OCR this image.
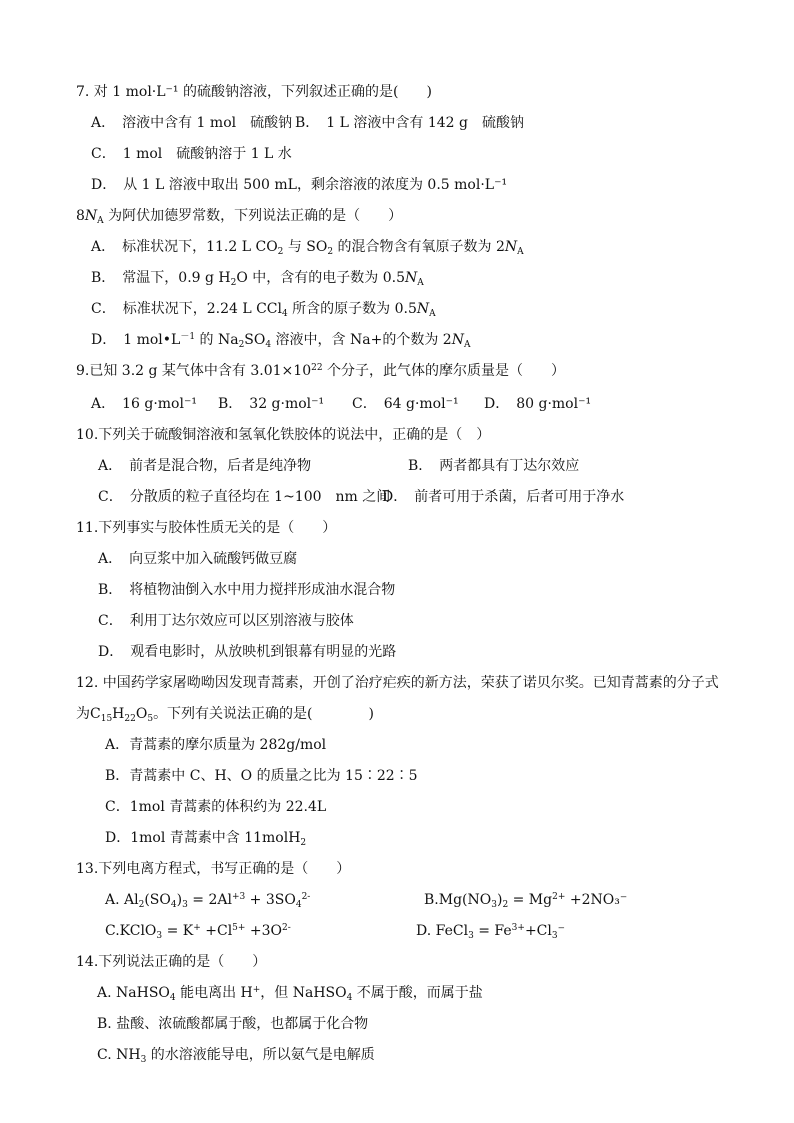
7. 对 1 mol·L⁻¹ 的硫酸钠溶液，下列叙述正确的是(　　)
A．　溶液中含有 1 mol　硫酸钠 B．　1 L 溶液中含有 142 g　硫酸钠
C．　1 mol　硫酸钠溶于 1 L 水
D．　从 1 L 溶液中取出 500 mL，剩余溶液的浓度为 0.5 mol·L⁻¹
$8N_A$ 为阿伏加德罗常数，下列说法正确的是（　　）
A．　标准状况下，11.2 L $CO_2$ 与 $SO_2$ 的混合物含有氧原子数为 $2N_A$
B．　常温下，0.9 g $H_2O$ 中，含有的电子数为 $0.5N_A$
C．　标准状况下，2.24 L CCl$_4$ 所含的原子数为 $0.5N_A$
D．　1 $mol•L^{-1}$ 的 $Na_2SO_4$ 溶液中，含 Na+的个数为 $2N_A$
9.已知 3.2 g 某气体中含有 $3.01\times 10^{22}$ 个分子，此气体的摩尔质量是（　　）
A．　16 g·mol⁻¹ B．　32 g·mol⁻¹ C．　64 g·mol⁻¹ D．　80 g·mol⁻¹
10.下列关于硫酸铜溶液和氢氧化铁胶体的说法中，正确的是（　）
A．　前者是混合物，后者是纯净物	B．　两者都具有丁达尔效应
C．　分散质的粒子直径均在 1~100　nm 之间
D．　前者可用于杀菌，后者可用于净水
11.下列事实与胶体性质无关的是（　　）
A．　向豆浆中加入硫酸钙做豆腐
B．　将植物油倒入水中用力搅拌形成油水混合物
C．　利用丁达尔效应可以区别溶液与胶体
D．　观看电影时，从放映机到银幕有明显的光路
12. 中国药学家屠呦呦因发现青蒿素，开创了治疗疟疾的新方法，荣获了诺贝尔奖。已知青蒿素的分子式
为$C_{15}H_{22}O_5$。下列有关说法正确的是(　　　　)
A．青蒿素的摩尔质量为 282g/mol
B．青蒿素中 C、H、O 的质量之比为 15∶22∶5
C．1mol 青蒿素的体积约为 22.4L
D．1mol 青蒿素中含 11molH$_2$
13.下列电离方程式，书写正确的是（　　）
A. $Al_2(SO_4)_3 = 2Al^{+3} + 3SO_4^{2-}$	$B.Mg(NO_3)_2 = Mg^{2+} +2NO_3^-$
C.KClO$_3$ = $K^+ +Cl^{5+} +3O^{2-}$	D. FeCl$_3$ = $Fe^{3+}+Cl_3^-$
14.下列说法正确的是（　　）
A. NaHSO$_4$ 能电离出 H+，但 NaHSO$_4$ 不属于酸，而属于盐
B. 盐酸、浓硫酸都属于酸，也都属于化合物
C. $NH_3$ 的水溶液能导电，所以氨气是电解质
